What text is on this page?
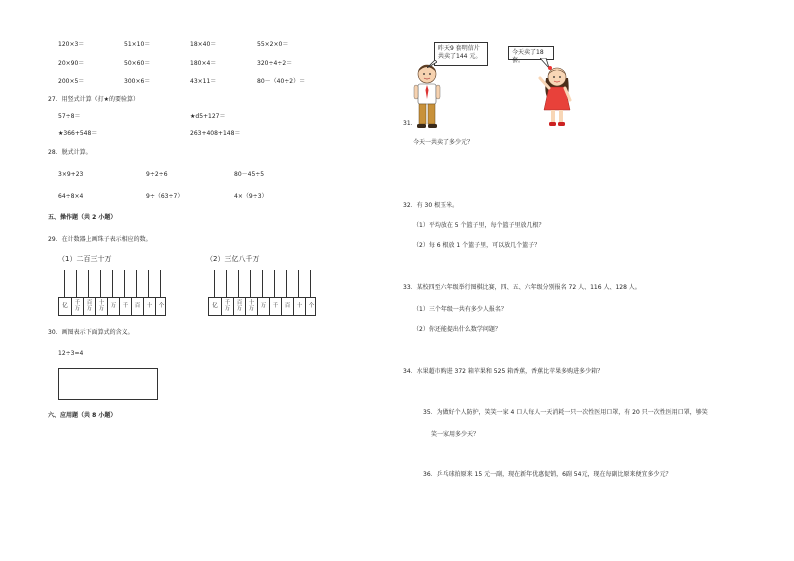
120×3＝	51×10＝	18×40＝	55×2×0＝
20×90＝	50×60＝	180×4＝	320÷4÷2＝
200×5＝	300×6＝	43×11＝	80－（40÷2）＝
27．用竖式计算（打★的要验算）
57÷8＝	★d5+127＝
★366+548＝	263+408+148＝
28．脱式计算。
3×9+23	9÷2÷6	80－45÷5
64÷8×4	9÷（63÷7）	4×（9÷3）
五、操作题（共 2 小题）
29．在计数器上画珠子表示相应的数。
（1）二百三十万	（2）三亿八千万
亿 千
万
百
万
十
万 万 千 百 十 个	亿 千
万
百
万
十
万 万 千 百 十 个
30．画图表示下面算式的含义。
12÷3=4
六、应用题（共 8 小题）
昨天9 套明信片
共卖了144 元。	今天卖了18 套。
31．
今天一共卖了多少元？
32．有 30 根玉米。
（1）平均放在 5 个篮子里，每个篮子里放几根？
（2）每 6 根放 1 个篮子里，可以放几个篮子？
33．某校四至六年级举行图棋比赛，四、五、六年级分别报名 72 人、116 人、128 人。
（1）三个年级一共有多少人报名？
（2）你还能提出什么数学问题？
34．水果超市购进 372 箱苹果和 525 箱香蕉，香蕉比苹果多购进多少箱？
35．为做好个人防护，笑笑一家 4 口人每人一天消耗一只一次性医用口罩，有 20 只一次性医用口罩，够笑
笑一家用多少天？
36．乒乓球拍原来 15 元一副，现在新年优惠促销，6副 54元，现在每副比原来便宜多少元？
